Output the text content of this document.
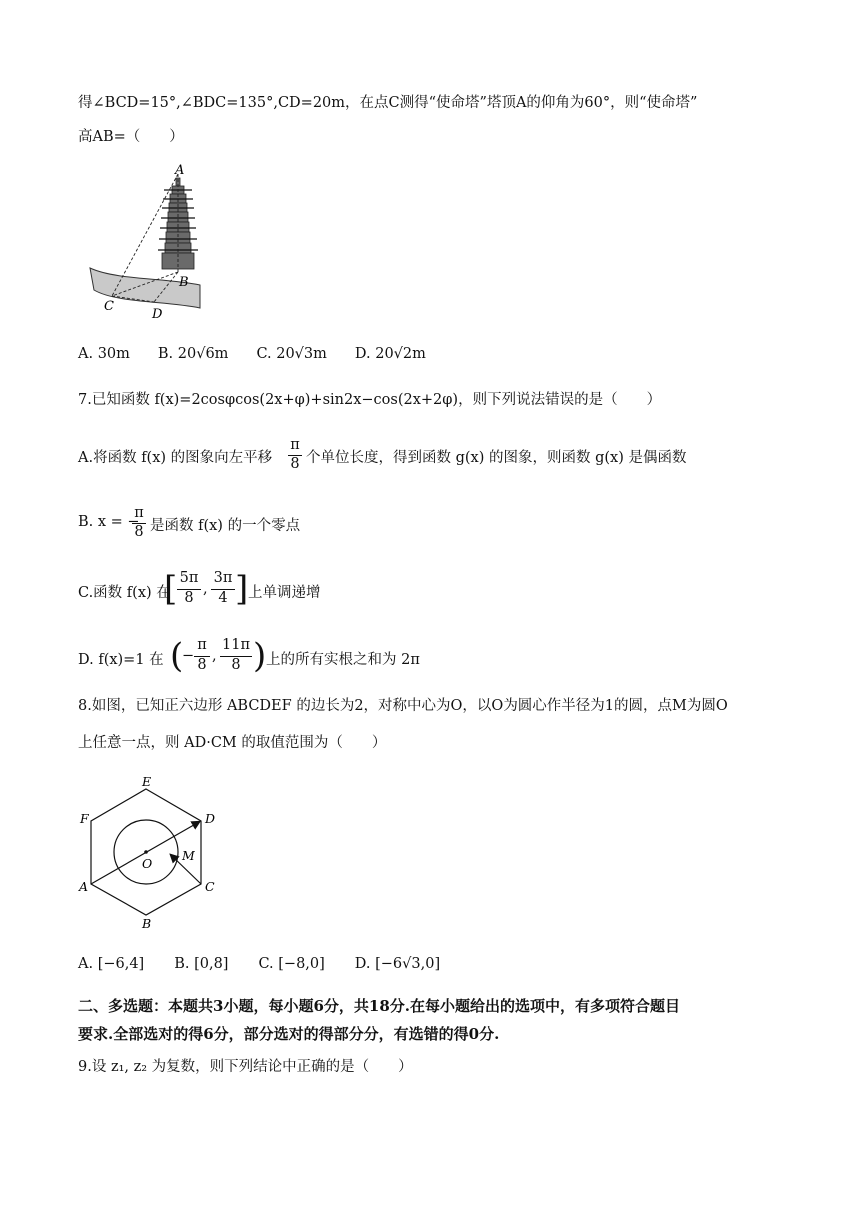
得∠BCD=15°,∠BDC=135°,CD=20m，在点C测得“使命塔”塔顶A的仰角为60°，则“使命塔”
高AB=（　　）
A
B
C
D
A. 30m B. 20√6m C. 20√3m D. 20√2m
7.已知函数 f(x)=2cosφcos(2x+φ)+sin2x−cos(2x+2φ)，则下列说法错误的是（　　）
A.将函数 f(x) 的图象向左平移
π
8 个单位长度，得到函数 g(x) 的图象，则函数 g(x) 是偶函数
B. x = −
π
8 是函数 f(x) 的一个零点
C.函数 f(x) 在
[ 5π
8
,
3π
4 ] 上单调递增
D. f(x)=1 在 (
−
π
8
,
11π
8 ) 上的所有实根之和为 2π
8.如图，已知正六边形 ABCDEF 的边长为2，对称中心为O，以O为圆心作半径为1的圆，点M为圆O
上任意一点，则 AD·CM 的取值范围为（　　）
E
D
C
B
A
F
O
M
A. [−6,4] B. [0,8] C. [−8,0] D. [−6√3,0]
二、多选题：本题共3小题，每小题6分，共18分.在每小题给出的选项中，有多项符合题目
要求.全部选对的得6分，部分选对的得部分分，有选错的得0分.
9.设 z₁, z₂ 为复数，则下列结论中正确的是（　　）
